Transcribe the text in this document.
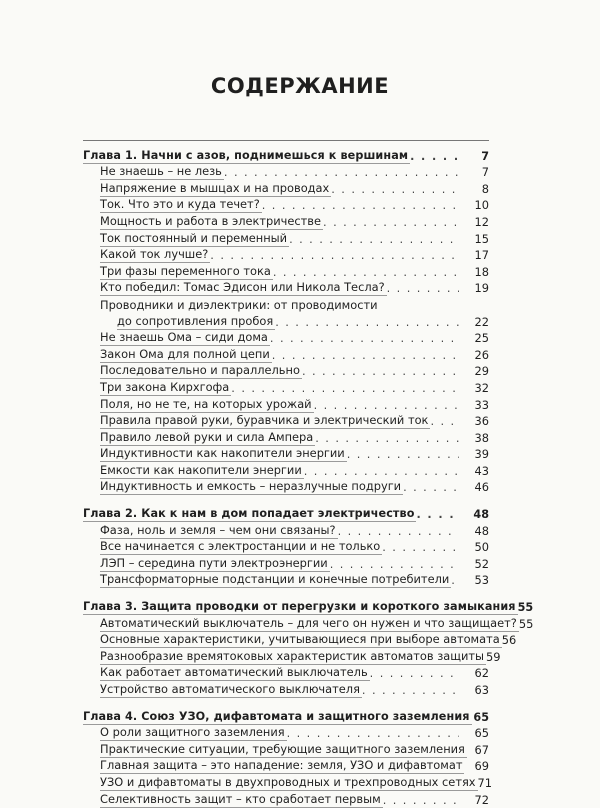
СОДЕРЖАНИЕ
Глава 1. Начни с азов, поднимешься к вершинам . . .	7
Не знаешь – не лезь . . .	7
Напряжение в мышцах и на проводах . . .	8
Ток. Что это и куда течет? . . .	10
Мощность и работа в электричестве . . .	12
Ток постоянный и переменный . . .	15
Какой ток лучше? . . .	17
Три фазы переменного тока . . .	18
Кто победил: Томас Эдисон или Никола Тесла? . . .	19
Проводники и диэлектрики: от проводимости
до сопротивления пробоя . . .	22
Не знаешь Ома – сиди дома . . .	25
Закон Ома для полной цепи . . .	26
Последовательно и параллельно . . .	29
Три закона Кирхгофа . . .	32
Поля, но не те, на которых урожай . . .	33
Правила правой руки, буравчика и электрический ток . . .	36
Правило левой руки и сила Ампера . . .	38
Индуктивности как накопители энергии . . .	39
Емкости как накопители энергии . . .	43
Индуктивность и емкость – неразлучные подруги . . .	46
Глава 2. Как к нам в дом попадает электричество . . .	48
Фаза, ноль и земля – чем они связаны? . . .	48
Все начинается с электростанции и не только . . .	50
ЛЭП – середина пути электроэнергии . . .	52
Трансформаторные подстанции и конечные потребители . . .	53
Глава 3. Защита проводки от перегрузки и короткого замыкания 55
Автоматический выключатель – для чего он нужен и что защищает? 55
Основные характеристики, учитывающиеся при выборе автомата 56
Разнообразие времятоковых характеристик автоматов защиты 59
Как работает автоматический выключатель . . .	62
Устройство автоматического выключателя . . .	63
Глава 4. Союз УЗО, дифавтомата и защитного заземления 65
О роли защитного заземления . . .	65
Практические ситуации, требующие защитного заземления 67
Главная защита – это нападение: земля, УЗО и дифавтомат	69
УЗО и дифавтоматы в двухпроводных и трехпроводных сетях 71
Селективность защит – кто сработает первым . . .	72
